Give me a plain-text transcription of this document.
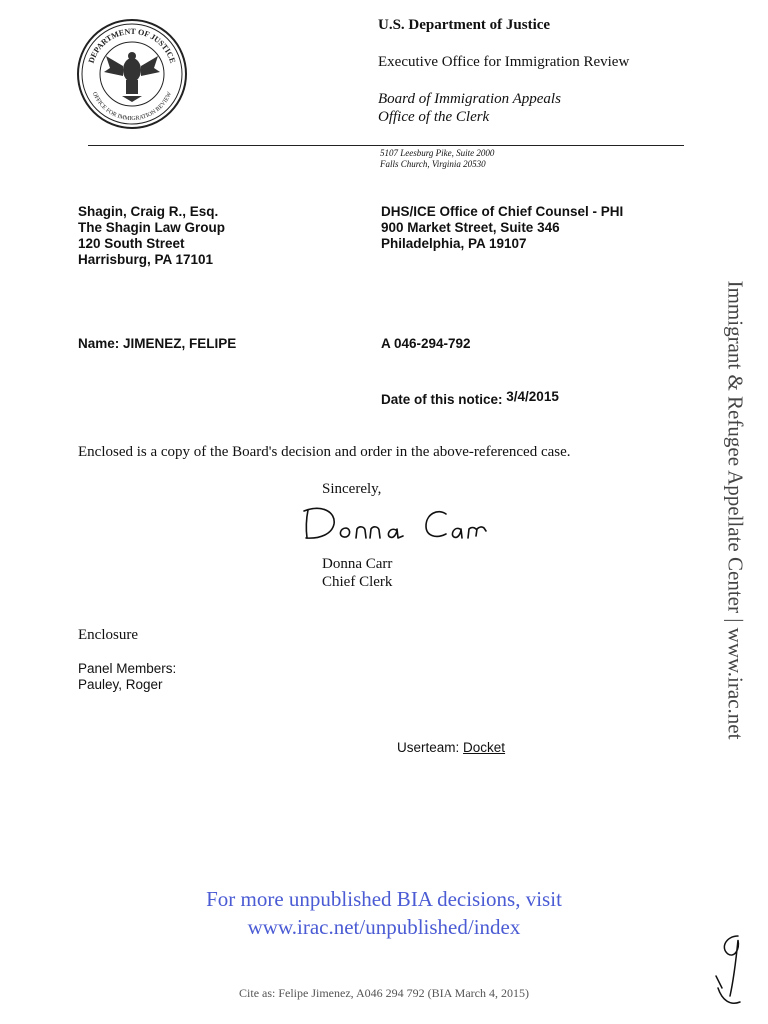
DEPARTMENT OF JUSTICE
OFFICE FOR IMMIGRATION REVIEW
U.S. Department of Justice
Executive Office for Immigration Review
Board of Immigration Appeals
Office of the Clerk
5107 Leesburg Pike, Suite 2000
Falls Church, Virginia 20530
Shagin, Craig R., Esq.
The Shagin Law Group
120 South Street
Harrisburg, PA 17101
DHS/ICE Office of Chief Counsel - PHI
900 Market Street, Suite 346
Philadelphia, PA 19107
Name: JIMENEZ, FELIPE	A 046-294-792
Date of this notice: 3/4/2015
Enclosed is a copy of the Board's decision and order in the above-referenced case.
Sincerely,
Donna Carr
Chief Clerk
Enclosure
Panel Members:
Pauley, Roger
Userteam: Docket
Immigrant & Refugee Appellate Center | www.irac.net
For more unpublished BIA decisions, visit
www.irac.net/unpublished/index
Cite as: Felipe Jimenez, A046 294 792 (BIA March 4, 2015)
